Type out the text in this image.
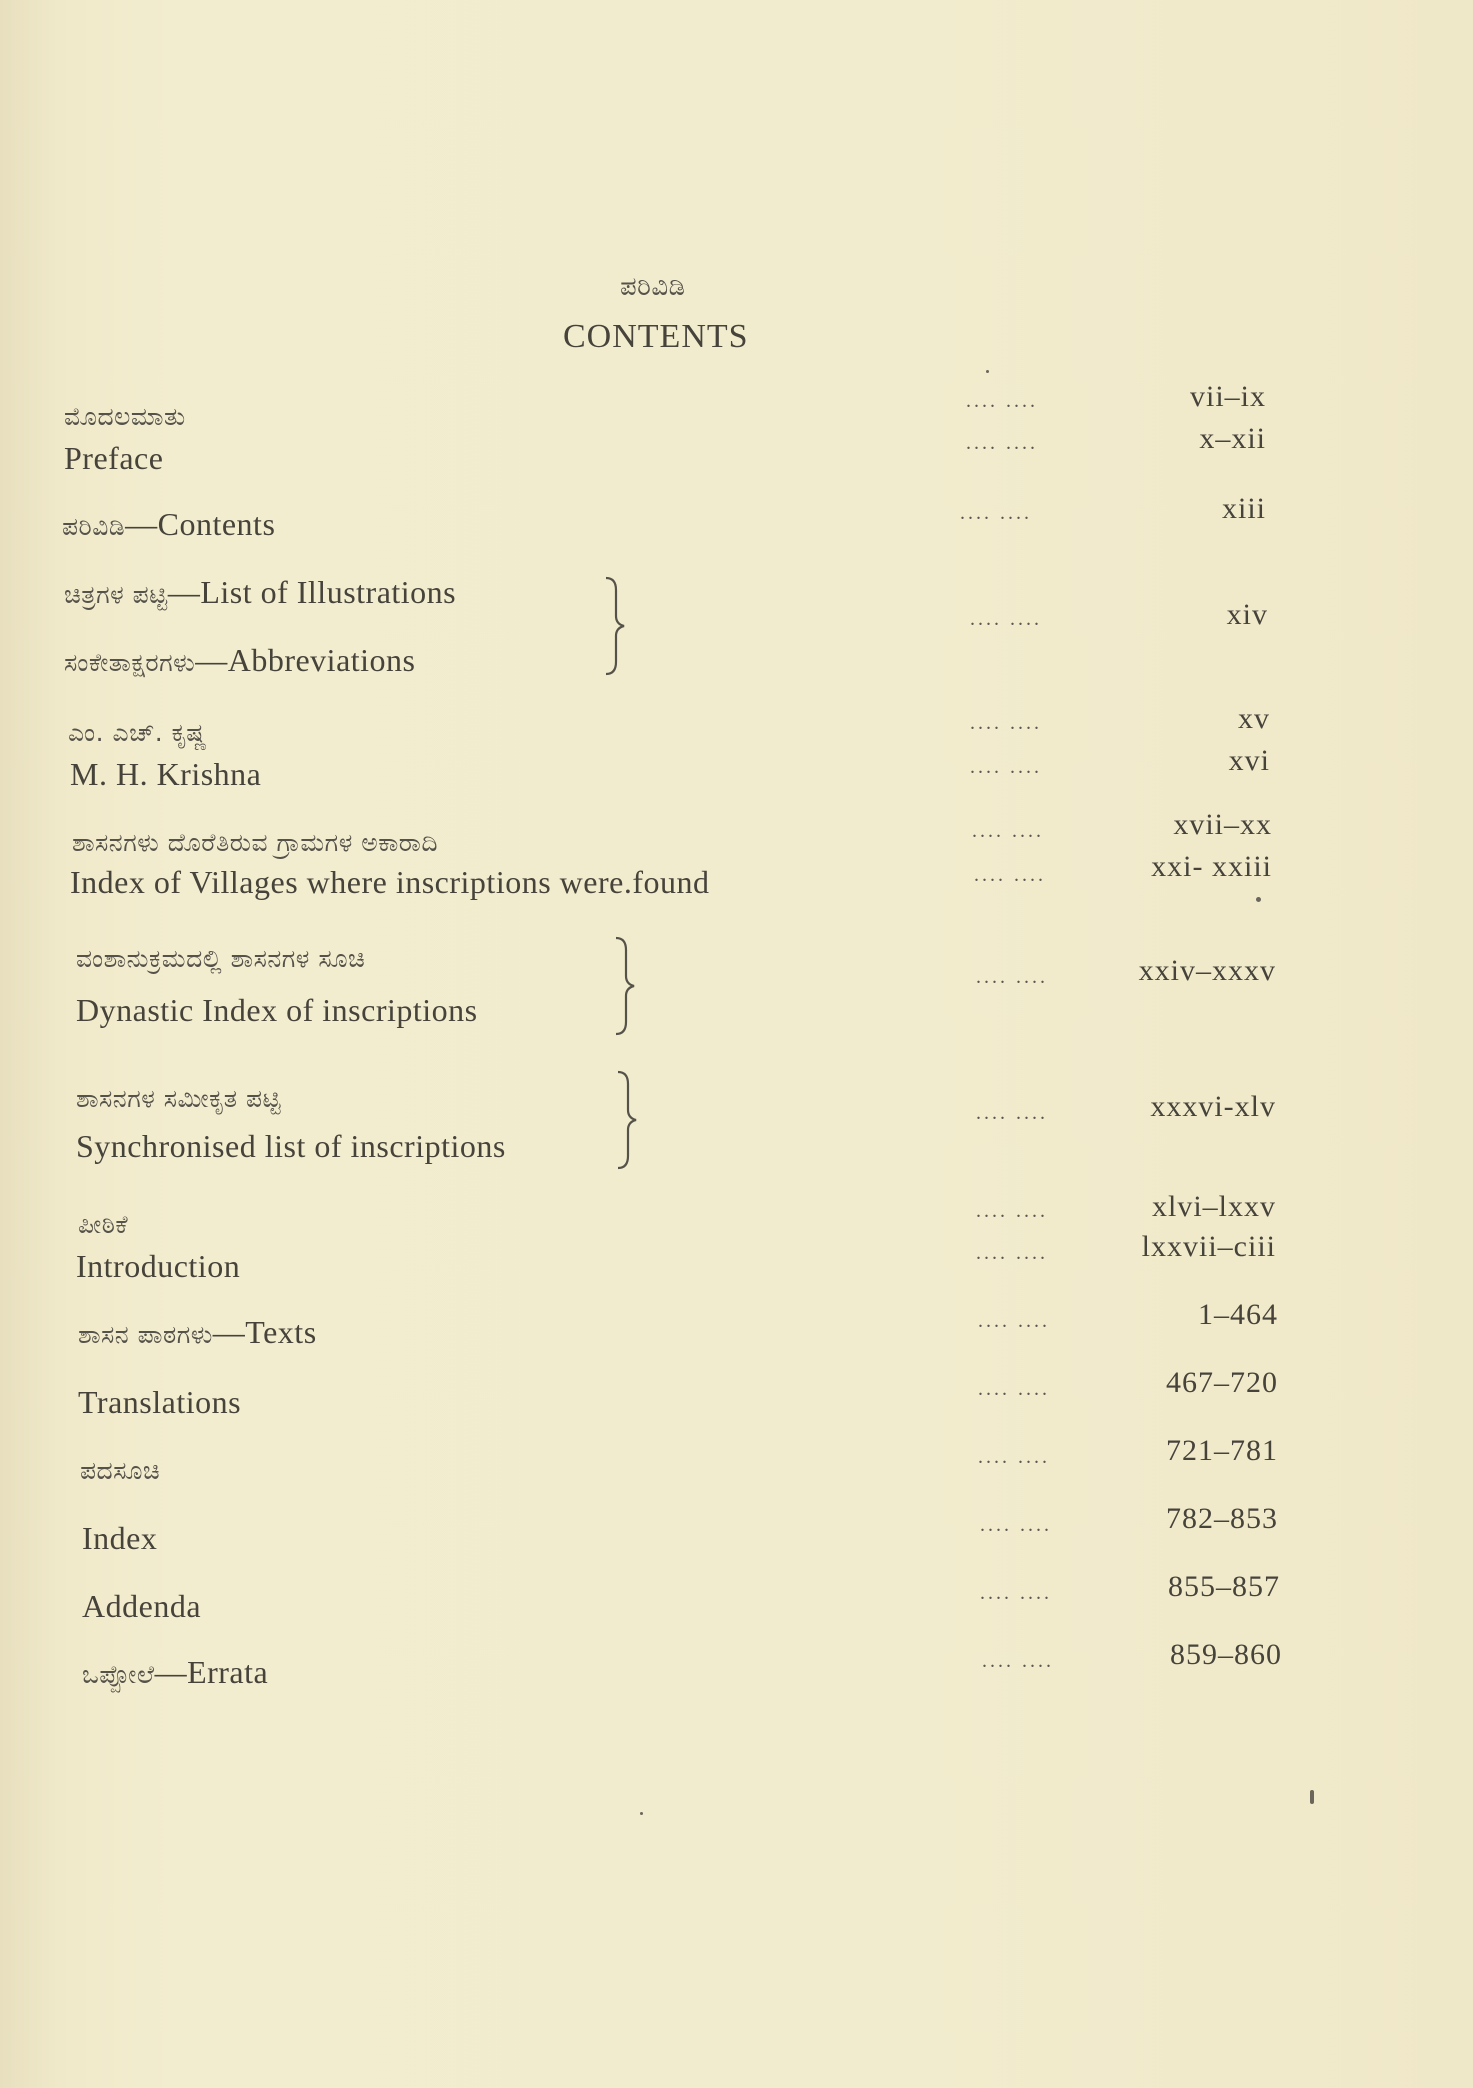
ಪರಿವಿಡಿ
CONTENTS
ಮೊದಲಮಾತು
.... ....	vii–ix
Preface	.... ....	x–xii
ಪರಿವಿಡಿ—Contents	.... ....	xiii
ಚಿತ್ರಗಳ ಪಟ್ಟಿ—List of Illustrations
ಸಂಕೇತಾಕ್ಷರಗಳು—Abbreviations
.... ....	xiv
ಎಂ. ಎಚ್. ಕೃಷ್ಣ	.... ....	xv
M. H. Krishna	.... ....	xvi
ಶಾಸನಗಳು ದೊರೆತಿರುವ ಗ್ರಾಮಗಳ ಅಕಾರಾದಿ	.... ....	xvii–xx
Index of Villages where inscriptions were.found	.... ....	xxi- xxiii
ವಂಶಾನುಕ್ರಮದಲ್ಲಿ ಶಾಸನಗಳ ಸೂಚಿ
Dynastic Index of inscriptions
.... ....	xxiv–xxxv
ಶಾಸನಗಳ ಸಮೀಕೃತ ಪಟ್ಟಿ
Synchronised list of inscriptions
.... ....	xxxvi-xlv
ಪೀಠಿಕೆ	.... ....	xlvi–lxxv
Introduction	.... ....	lxxvii–ciii
ಶಾಸನ ಪಾಠಗಳು—Texts	.... ....	1–464
Translations	.... ....	467–720
ಪದಸೂಚಿ	.... ....	721–781
Index	.... ....	782–853
Addenda	.... ....	855–857
ಒಪ್ಪೋಲೆ—Errata	.... ....	859–860
